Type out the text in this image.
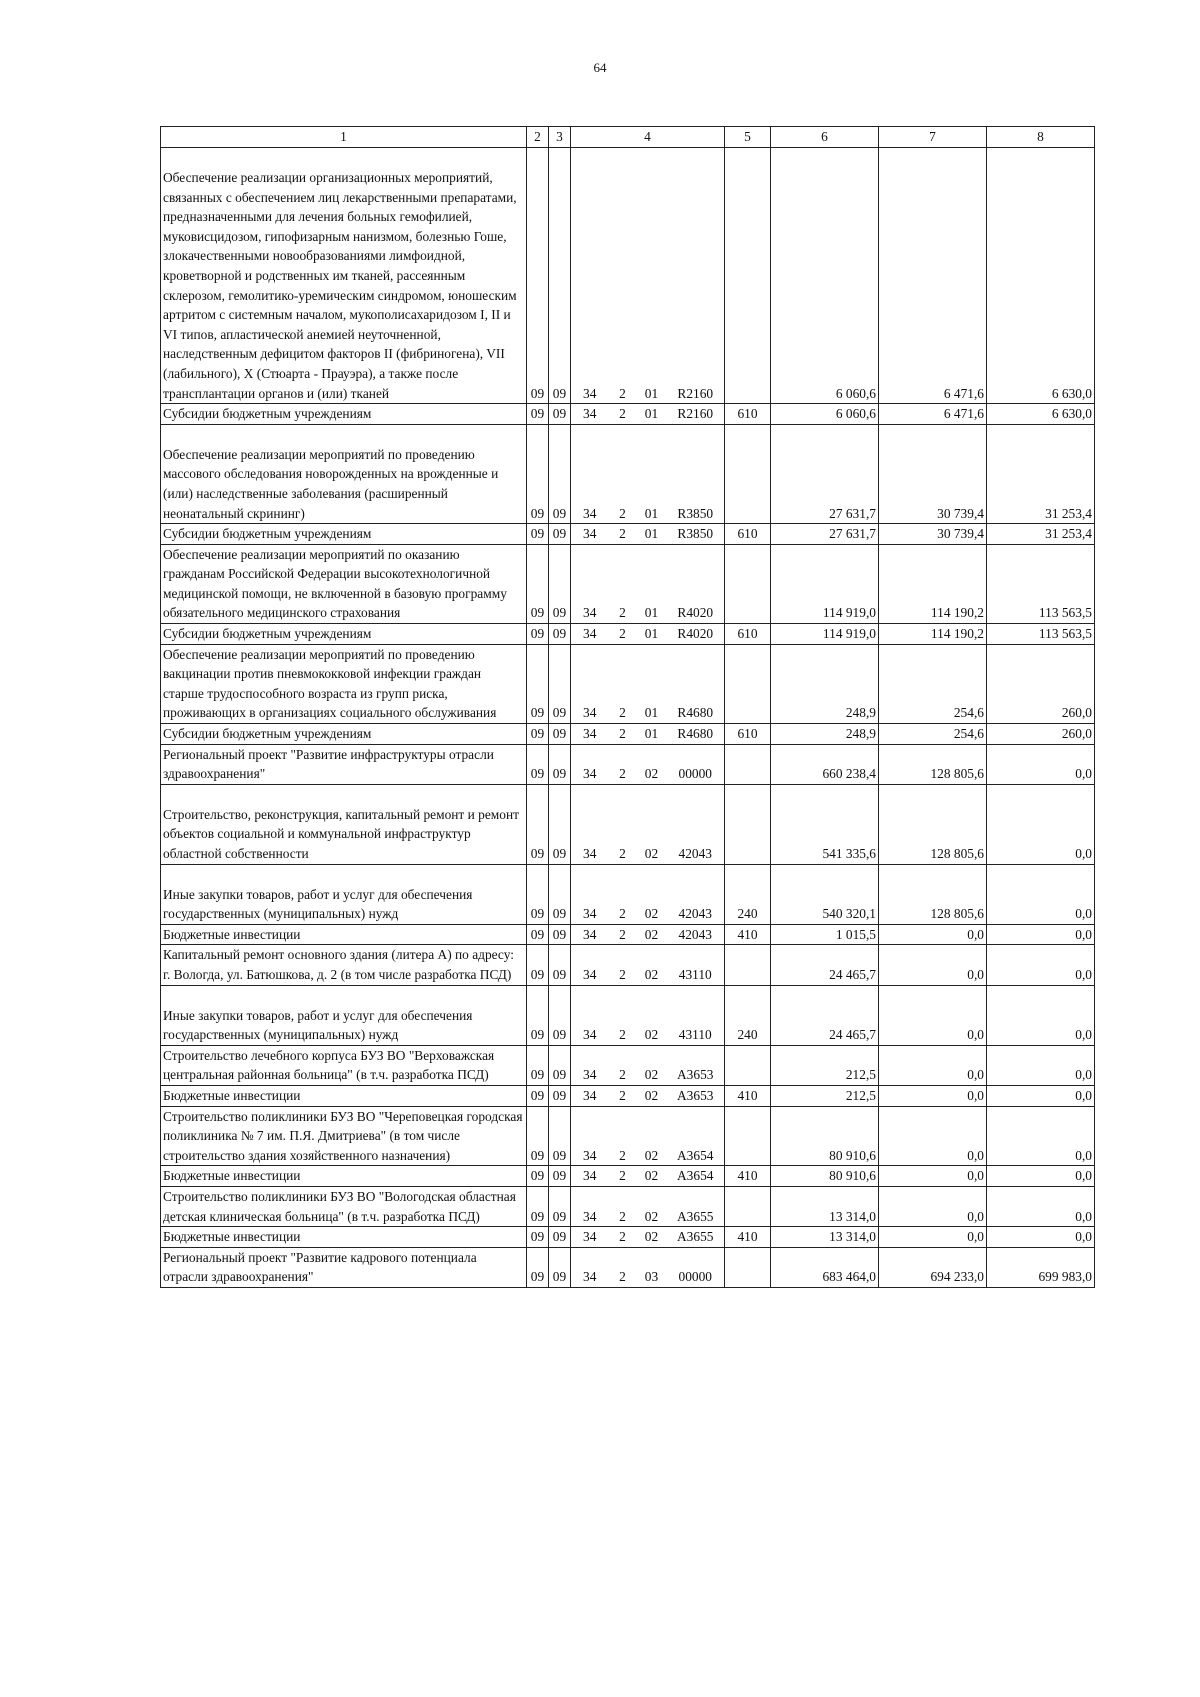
64
1	2	3	4				5	6	7	8

Обеспечение реализации организационных мероприятий, связанных с обеспечением лиц лекарственными препаратами, предназначенными для лечения больных гемофилией, муковисцидозом, гипофизарным нанизмом, болезнью Гоше, злокачественными новообразованиями лимфоидной, кроветворной и родственных им тканей, рассеянным склерозом, гемолитико-уремическим синдромом, юношеским артритом с системным началом, мукополисахаридозом I, II и VI типов, апластической анемией неуточненной, наследственным дефицитом факторов II (фибриногена), VII (лабильного), X (Стюарта - Прауэра), а также после трансплантации органов и (или) тканей	09	09	34	2	01	R2160		6 060,6	6 471,6	6 630,0
Субсидии бюджетным учреждениям	09	09	34	2	01	R2160	610	6 060,6	6 471,6	6 630,0

Обеспечение реализации мероприятий по проведению массового обследования новорожденных на врожденные и (или) наследственные заболевания (расширенный неонатальный скрининг)	09	09	34	2	01	R3850		27 631,7	30 739,4	31 253,4
Субсидии бюджетным учреждениям	09	09	34	2	01	R3850	610	27 631,7	30 739,4	31 253,4
Обеспечение реализации мероприятий по оказанию гражданам Российской Федерации высокотехнологичной медицинской помощи, не включенной в базовую программу обязательного медицинского страхования	09	09	34	2	01	R4020		114 919,0	114 190,2	113 563,5
Субсидии бюджетным учреждениям	09	09	34	2	01	R4020	610	114 919,0	114 190,2	113 563,5
Обеспечение реализации мероприятий по проведению вакцинации против пневмококковой инфекции граждан старше трудоспособного возраста из групп риска, проживающих в организациях социального обслуживания	09	09	34	2	01	R4680		248,9	254,6	260,0
Субсидии бюджетным учреждениям	09	09	34	2	01	R4680	610	248,9	254,6	260,0
Региональный проект "Развитие инфраструктуры отрасли здравоохранения"	09	09	34	2	02	00000		660 238,4	128 805,6	0,0

Строительство, реконструкция, капитальный ремонт и ремонт объектов социальной и коммунальной инфраструктур областной собственности	09	09	34	2	02	42043		541 335,6	128 805,6	0,0

Иные закупки товаров, работ и услуг для обеспечения государственных (муниципальных) нужд	09	09	34	2	02	42043	240	540 320,1	128 805,6	0,0
Бюджетные инвестиции	09	09	34	2	02	42043	410	1 015,5	0,0	0,0
Капитальный ремонт основного здания (литера А) по адресу: г. Вологда, ул. Батюшкова, д. 2 (в том числе разработка ПСД)	09	09	34	2	02	43110		24 465,7	0,0	0,0

Иные закупки товаров, работ и услуг для обеспечения государственных (муниципальных) нужд	09	09	34	2	02	43110	240	24 465,7	0,0	0,0
Строительство лечебного корпуса БУЗ ВО "Верховажская центральная районная больница" (в т.ч. разработка ПСД)	09	09	34	2	02	A3653		212,5	0,0	0,0
Бюджетные инвестиции	09	09	34	2	02	A3653	410	212,5	0,0	0,0
Строительство поликлиники БУЗ ВО "Череповецкая городская поликлиника № 7 им. П.Я. Дмитриева" (в том числе строительство здания хозяйственного назначения)	09	09	34	2	02	A3654		80 910,6	0,0	0,0
Бюджетные инвестиции	09	09	34	2	02	A3654	410	80 910,6	0,0	0,0
Строительство поликлиники БУЗ ВО "Вологодская областная детская клиническая больница" (в т.ч. разработка ПСД)	09	09	34	2	02	A3655		13 314,0	0,0	0,0
Бюджетные инвестиции	09	09	34	2	02	A3655	410	13 314,0	0,0	0,0
Региональный проект "Развитие кадрового потенциала отрасли здравоохранения"	09	09	34	2	03	00000		683 464,0	694 233,0	699 983,0
